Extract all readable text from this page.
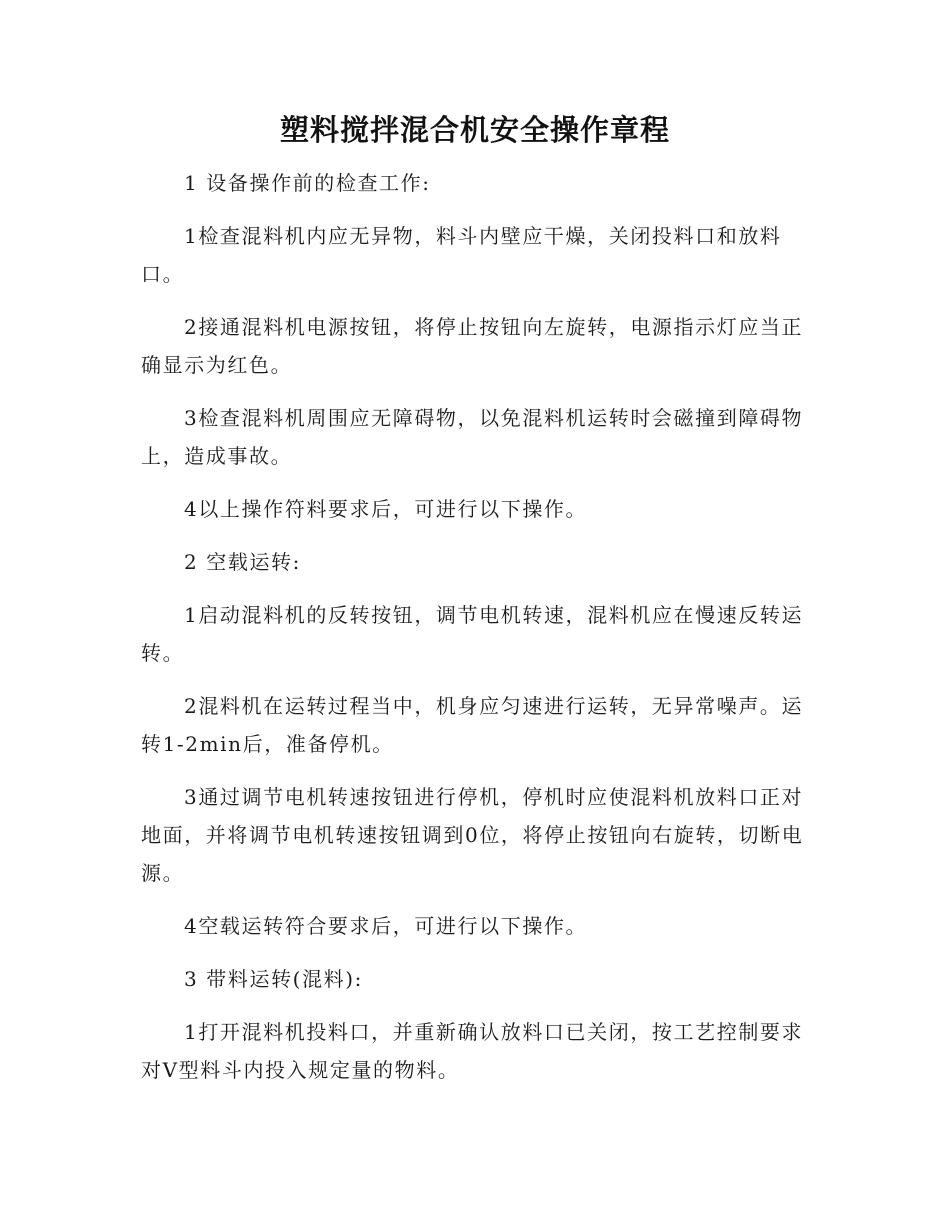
塑料搅拌混合机安全操作章程

1 设备操作前的检查工作:

1检查混料机内应无异物，料斗内壁应干燥，关闭投料口和放料口。

2接通混料机电源按钮，将停止按钮向左旋转，电源指示灯应当正确显示为红色。

3检查混料机周围应无障碍物，以免混料机运转时会磁撞到障碍物上，造成事故。

4以上操作符料要求后，可进行以下操作。

2 空载运转:

1启动混料机的反转按钮，调节电机转速，混料机应在慢速反转运转。

2混料机在运转过程当中，机身应匀速进行运转，无异常噪声。运转1-2min后，准备停机。

3通过调节电机转速按钮进行停机，停机时应使混料机放料口正对地面，并将调节电机转速按钮调到0位，将停止按钮向右旋转，切断电源。

4空载运转符合要求后，可进行以下操作。

3 带料运转(混料):

1打开混料机投料口，并重新确认放料口已关闭，按工艺控制要求对V型料斗内投入规定量的物料。
